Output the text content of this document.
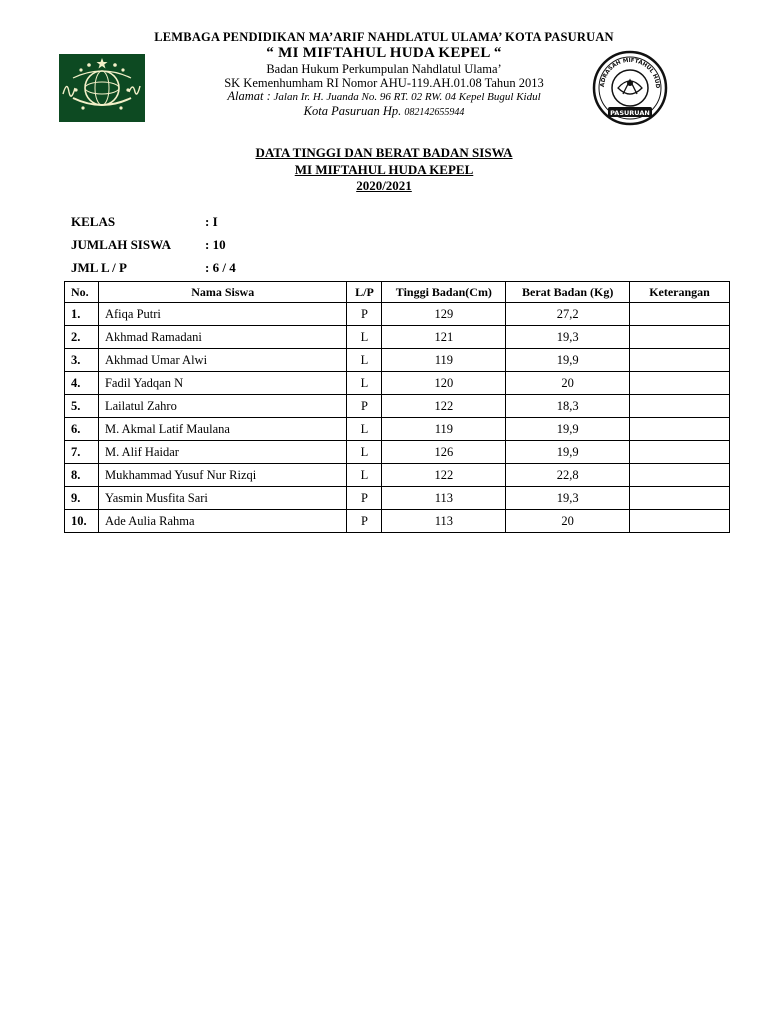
LEMBAGA PENDIDIKAN MA’ARIF NAHDLATUL ULAMA’ KOTA PASURUAN
“ MI MIFTAHUL HUDA KEPEL “
Badan Hukum Perkumpulan Nahdlatul Ulama’
SK Kemenhumham RI Nomor AHU-119.AH.01.08 Tahun 2013
Alamat : Jalan Ir. H. Juanda No. 96 RT. 02 RW. 04 Kepel Bugul Kidul
Kota Pasuruan Hp. 082142655944
ADRASAH MIFTAHUL HUD
PASURUAN
DATA TINGGI DAN BERAT BADAN SISWA
MI MIFTAHUL HUDA KEPEL
2020/2021
KELAS	: I
JUMLAH SISWA	: 10
JML L / P	: 6 / 4
No.	Nama Siswa	L/P	Tinggi Badan(Cm)	Berat Badan (Kg)	Keterangan
1.	Afiqa Putri	P	129	27,2	
2.	Akhmad Ramadani	L	121	19,3	
3.	Akhmad Umar Alwi	L	119	19,9	
4.	Fadil Yadqan N	L	120	20	
5.	Lailatul Zahro	P	122	18,3	
6.	M. Akmal Latif Maulana	L	119	19,9	
7.	M. Alif Haidar	L	126	19,9	
8.	Mukhammad Yusuf Nur Rizqi	L	122	22,8	
9.	Yasmin Musfita Sari	P	113	19,3	
10.	Ade Aulia Rahma	P	113	20	
